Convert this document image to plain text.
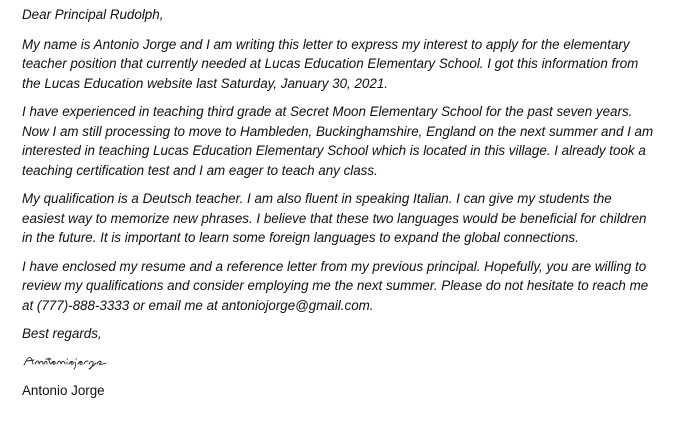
Dear Principal Rudolph,

My name is Antonio Jorge and I am writing this letter to express my interest to apply for the elementary teacher position that currently needed at Lucas Education Elementary School. I got this information from the Lucas Education website last Saturday, January 30, 2021.

I have experienced in teaching third grade at Secret Moon Elementary School for the past seven years. Now I am still processing to move to Hambleden, Buckinghamshire, England on the next summer and I am interested in teaching Lucas Education Elementary School which is located in this village. I already took a teaching certification test and I am eager to teach any class.

My qualification is a Deutsch teacher. I am also fluent in speaking Italian. I can give my students the easiest way to memorize new phrases. I believe that these two languages would be beneficial for children in the future. It is important to learn some foreign languages to expand the global connections.

I have enclosed my resume and a reference letter from my previous principal. Hopefully, you are willing to review my qualifications and consider employing me the next summer. Please do not hesitate to reach me at (777)-888-3333 or email me at antoniojorge@gmail.com.

Best regards,

Antonio Jorge
